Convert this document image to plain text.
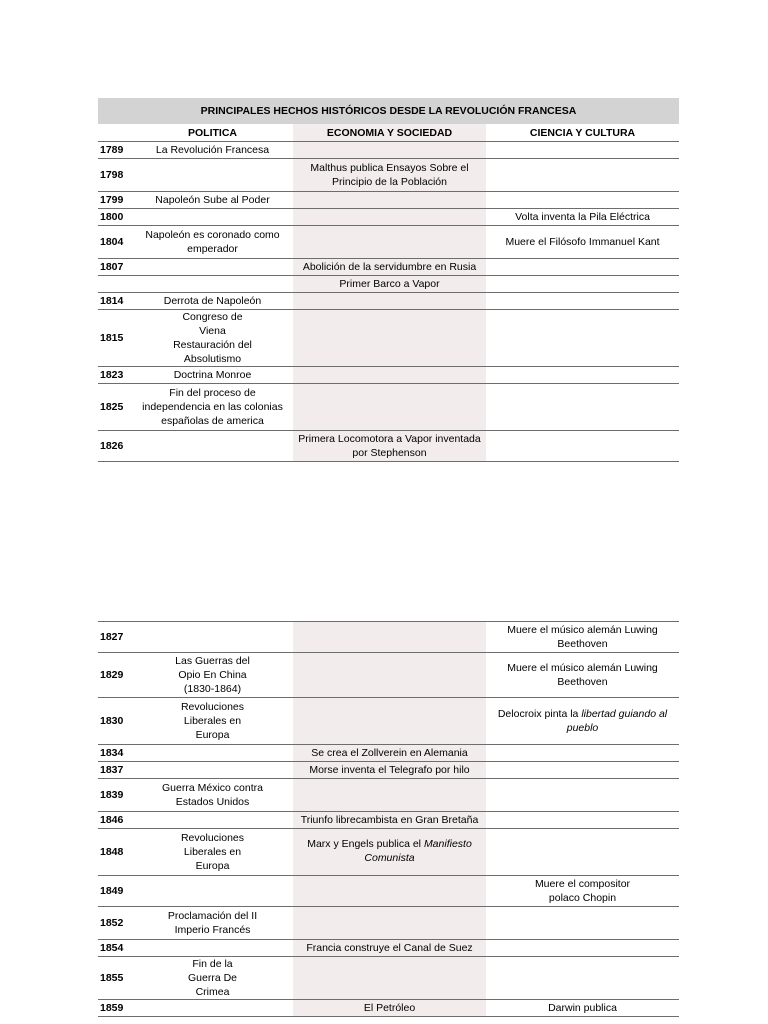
PRINCIPALES HECHOS HISTÓRICOS DESDE LA REVOLUCIÓN FRANCESA			
	POLITICA	ECONOMIA Y SOCIEDAD	CIENCIA Y CULTURA
1789	La Revolución Francesa		
1798		Malthus publica Ensayos Sobre el Principio de la Población	
1799	Napoleón Sube al Poder		
1800			Volta inventa la Pila Eléctrica
1804	Napoleón es coronado como emperador		Muere el Filósofo Immanuel Kant
1807		Abolición de la servidumbre en Rusia	
		Primer Barco a Vapor	
1814	Derrota de Napoleón		
1815	Congreso de Viena Restauración del Absolutismo		
1823	Doctrina Monroe		
1825	Fin del proceso de independencia en las colonias españolas de america		
1826		Primera Locomotora a Vapor inventada por Stephenson	
1827			Muere el músico alemán Luwing Beethoven
1829	Las Guerras del Opio En China (1830-1864)		Muere el músico alemán Luwing Beethoven
1830	Revoluciones Liberales en Europa		Delocroix pinta la libertad guiando al pueblo
1834		Se crea el Zollverein en Alemania	
1837		Morse inventa el Telegrafo por hilo	
1839	Guerra México contra Estados Unidos		
1846		Triunfo librecambista en Gran Bretaña	
1848	Revoluciones Liberales en Europa	Marx y Engels publica el Manifiesto Comunista	
1849			Muere el compositor polaco Chopin
1852	Proclamación del II Imperio Francés		
1854		Francia construye el Canal de Suez	
1855	Fin de la Guerra De Crimea		
1859		El Petróleo	Darwin publica
